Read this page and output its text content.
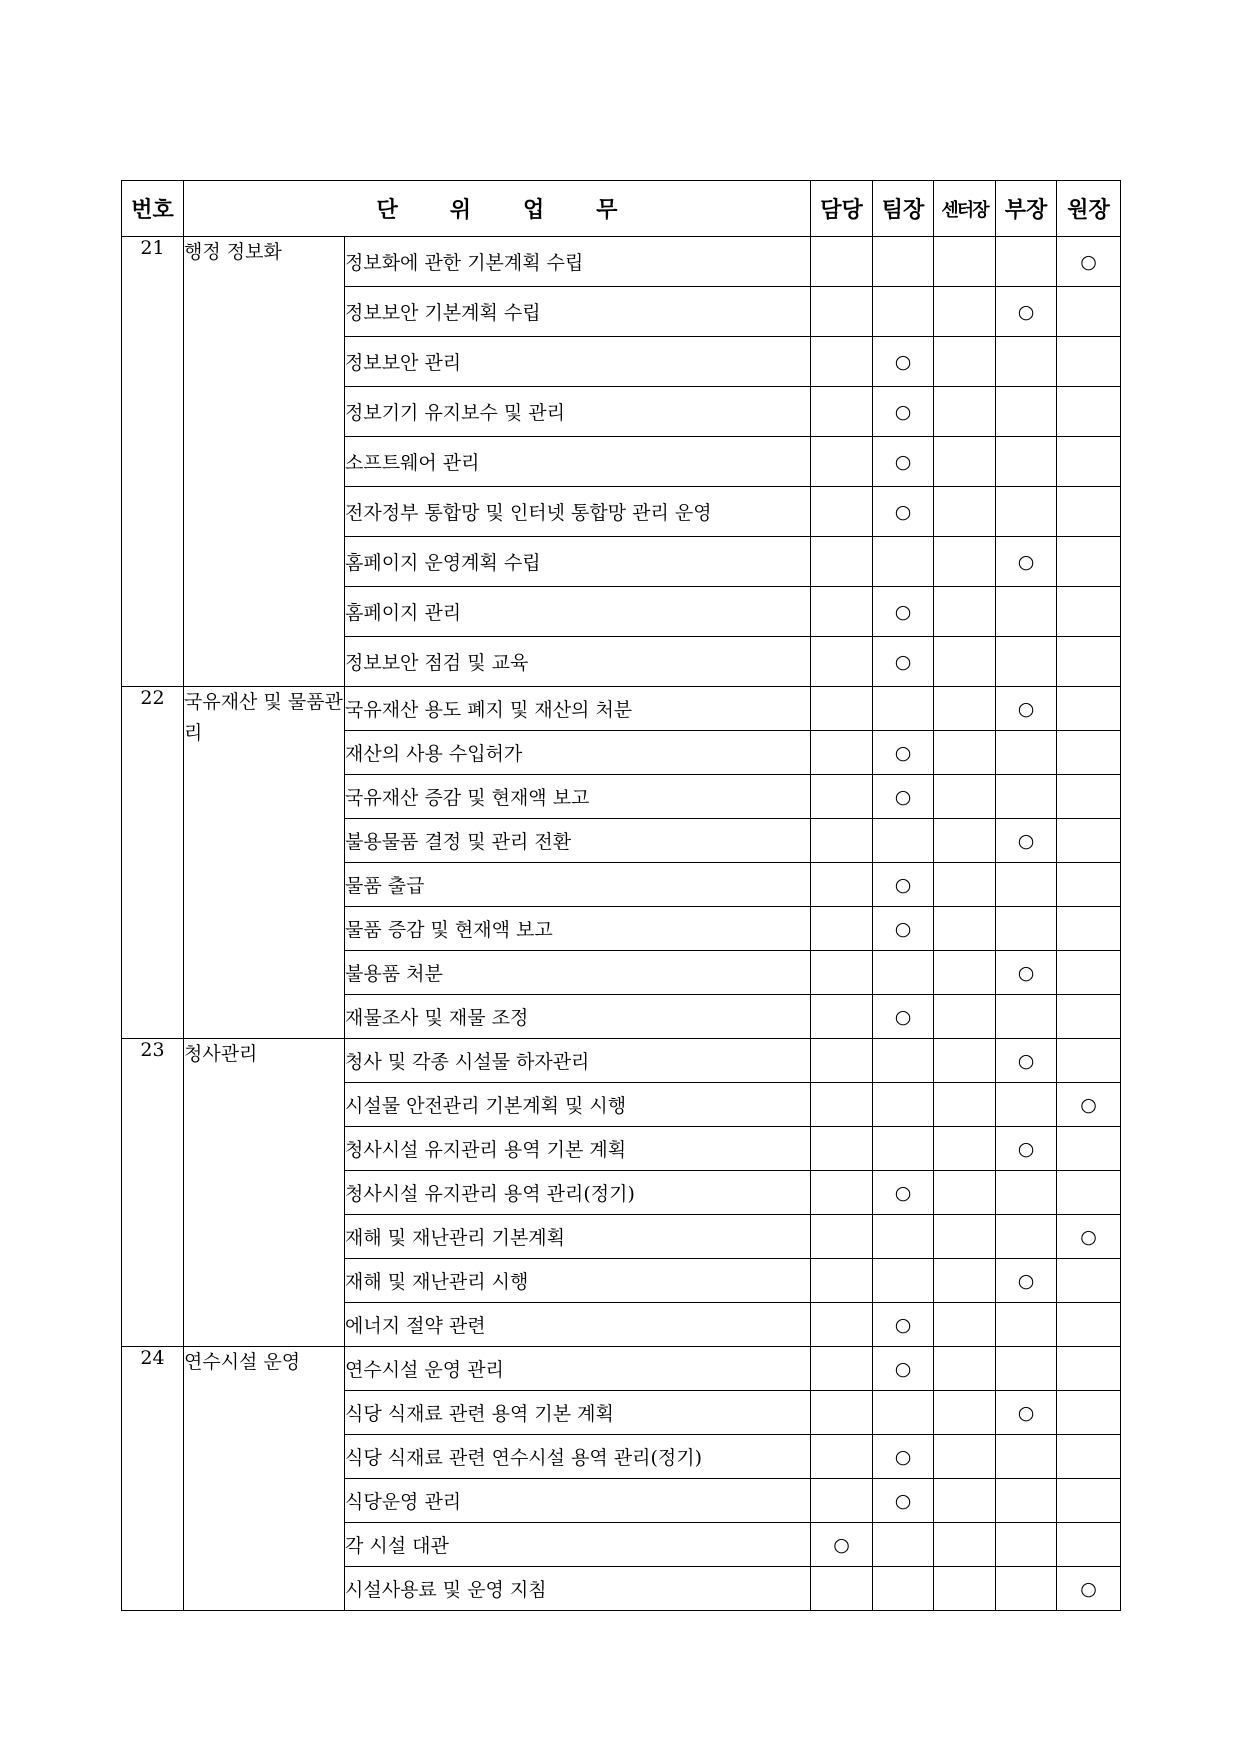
번호	단위업무		담당	팀장	센터장	부장	원장
21	행정 정보화	정보화에 관한 기본계획 수립					○
		정보보안 기본계획 수립				○	
		정보보안 관리		○			
		정보기기 유지보수 및 관리		○			
		소프트웨어 관리		○			
		전자정부 통합망 및 인터넷 통합망 관리 운영		○			
		홈페이지 운영계획 수립				○	
		홈페이지 관리		○			
		정보보안 점검 및 교육		○			
22	국유재산 및 물품관리	국유재산 용도 폐지 및 재산의 처분				○	
		재산의 사용 수입허가		○			
		국유재산 증감 및 현재액 보고		○			
		불용물품 결정 및 관리 전환				○	
		물품 출급		○			
		물품 증감 및 현재액 보고		○			
		불용품 처분				○	
		재물조사 및 재물 조정		○			
23	청사관리	청사 및 각종 시설물 하자관리				○	
		시설물 안전관리 기본계획 및 시행					○
		청사시설 유지관리 용역 기본 계획				○	
		청사시설 유지관리 용역 관리(정기)		○			
		재해 및 재난관리 기본계획					○
		재해 및 재난관리 시행				○	
		에너지 절약 관련		○			
24	연수시설 운영	연수시설 운영 관리		○			
		식당 식재료 관련 용역 기본 계획				○	
		식당 식재료 관련 연수시설 용역 관리(정기)		○			
		식당운영 관리		○			
		각 시설 대관	○				
		시설사용료 및 운영 지침					○
